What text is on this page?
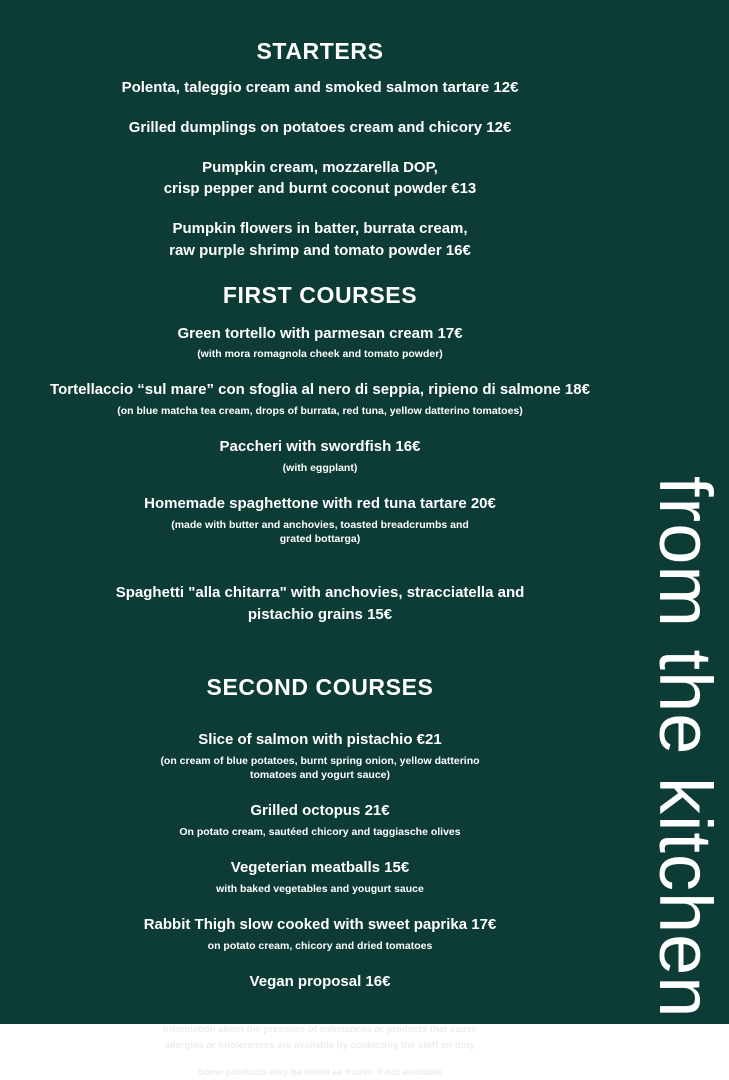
STARTERS
Polenta, taleggio cream and smoked salmon tartare 12€
Grilled dumplings on potatoes cream and chicory 12€
Pumpkin cream, mozzarella DOP,
crisp pepper and burnt coconut powder €13
Pumpkin flowers in batter, burrata cream,
raw purple shrimp and tomato powder 16€
FIRST COURSES
Green tortello with parmesan cream 17€
(with mora romagnola cheek and tomato powder)
Tortellaccio “sul mare” con sfoglia al nero di seppia, ripieno di salmone 18€
(on blue matcha tea cream, drops of burrata, red tuna, yellow datterino tomatoes)
Paccheri with swordfish 16€
(with eggplant)
Homemade spaghettone with red tuna tartare 20€
(made with butter and anchovies, toasted breadcrumbs and
grated bottarga)
Spaghetti "alla chitarra" with anchovies, stracciatella and
pistachio grains 15€
SECOND COURSES
Slice of salmon with pistachio €21
(on cream of blue potatoes, burnt spring onion, yellow datterino
tomatoes and yogurt sauce)
Grilled octopus 21€
On potato cream, sautéed chicory and taggiasche olives
Vegeterian meatballs 15€
with baked vegetables and yougurt sauce
Rabbit Thigh slow cooked with sweet paprika 17€
on potato cream, chicory and dried tomatoes
Vegan proposal 16€

Information about the presence of substances or products that cause
allergies or intolerances are available by contacting the staff on duty

Some products may be listed as frozen if not available

from the kitchen
